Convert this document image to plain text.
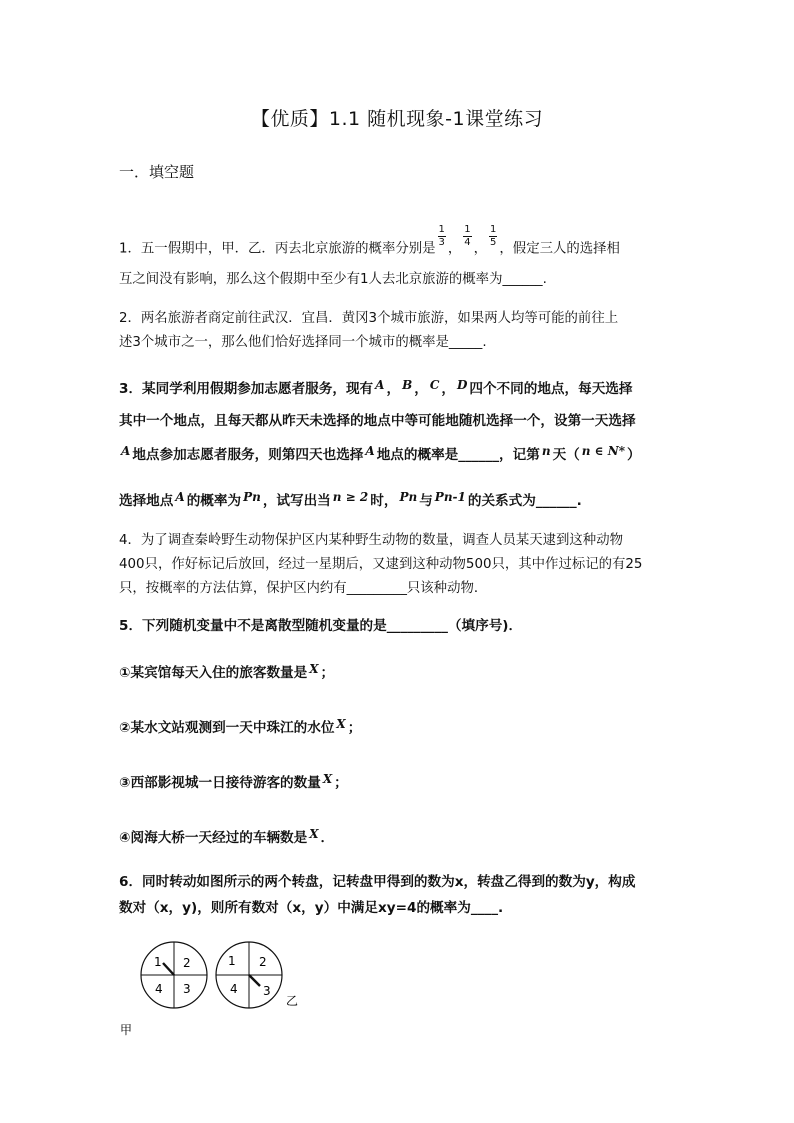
【优质】1.1 随机现象-1课堂练习
一．填空题
1．五一假期中，甲．乙．丙去北京旅游的概率分别是 $\frac{1}{3}$ ， $\frac{1}{4}$ ， $\frac{1}{5}$ ，假定三人的选择相
互之间没有影响，那么这个假期中至少有1人去北京旅游的概率为______.
2．两名旅游者商定前往武汉．宜昌．黄冈3个城市旅游，如果两人均等可能的前往上
述3个城市之一，那么他们恰好选择同一个城市的概率是_____.
3．某同学利用假期参加志愿者服务，现有 A ， B ， C ， D 四个不同的地点，每天选择
其中一个地点，且每天都从昨天未选择的地点中等可能地随机选择一个，设第一天选择
A 地点参加志愿者服务，则第四天也选择 A 地点的概率是______，记第 n 天（ n ∈ N* ）
选择地点 A 的概率为 Pn ，试写出当 n ≥ 2 时， Pn 与 Pn-1 的关系式为______.
4．为了调查秦岭野生动物保护区内某种野生动物的数量，调查人员某天逮到这种动物
400只，作好标记后放回，经过一星期后，又逮到这种动物500只，其中作过标记的有25
只，按概率的方法估算，保护区内约有_________只该种动物．
5．下列随机变量中不是离散型随机变量的是_________（填序号)．
①某宾馆每天入住的旅客数量是 X ；
②某水文站观测到一天中珠江的水位 X ；
③西部影视城一日接待游客的数量 X ；
④阅海大桥一天经过的车辆数是 X ．
6．同时转动如图所示的两个转盘，记转盘甲得到的数为x，转盘乙得到的数为y，构成
数对（x，y)，则所有数对（x，y）中满足xy=4的概率为____.
1 2
3
4
甲
1 2
3
4
乙
